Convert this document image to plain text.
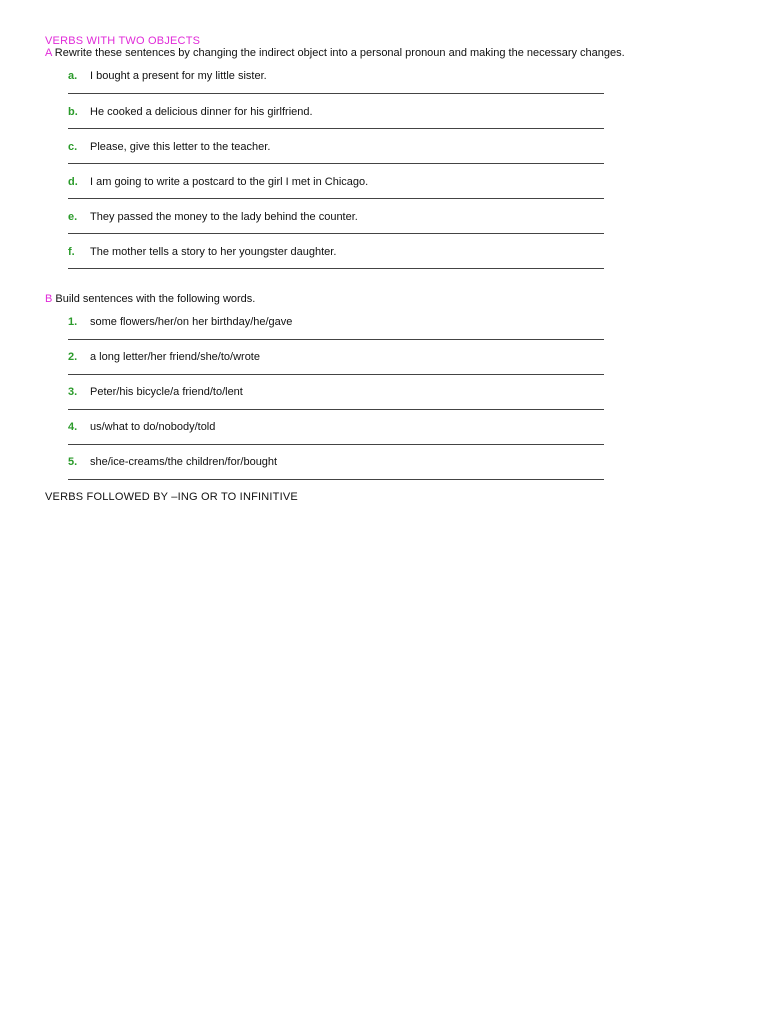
VERBS WITH TWO OBJECTS
A Rewrite these sentences by changing the indirect object into a personal pronoun and making the necessary changes.
a. I bought a present for my little sister.
b. He cooked a delicious dinner for his girlfriend.
c. Please, give this letter to the teacher.
d. I am going to write a postcard to the girl I met in Chicago.
e. They passed the money to the lady behind the counter.
f. The mother tells a story to her youngster daughter.
B Build sentences with the following words.
1. some flowers/her/on her birthday/he/gave
2. a long letter/her friend/she/to/wrote
3. Peter/his bicycle/a friend/to/lent
4. us/what to do/nobody/told
5. she/ice-creams/the children/for/bought
VERBS FOLLOWED BY –ING OR TO INFINITIVE
